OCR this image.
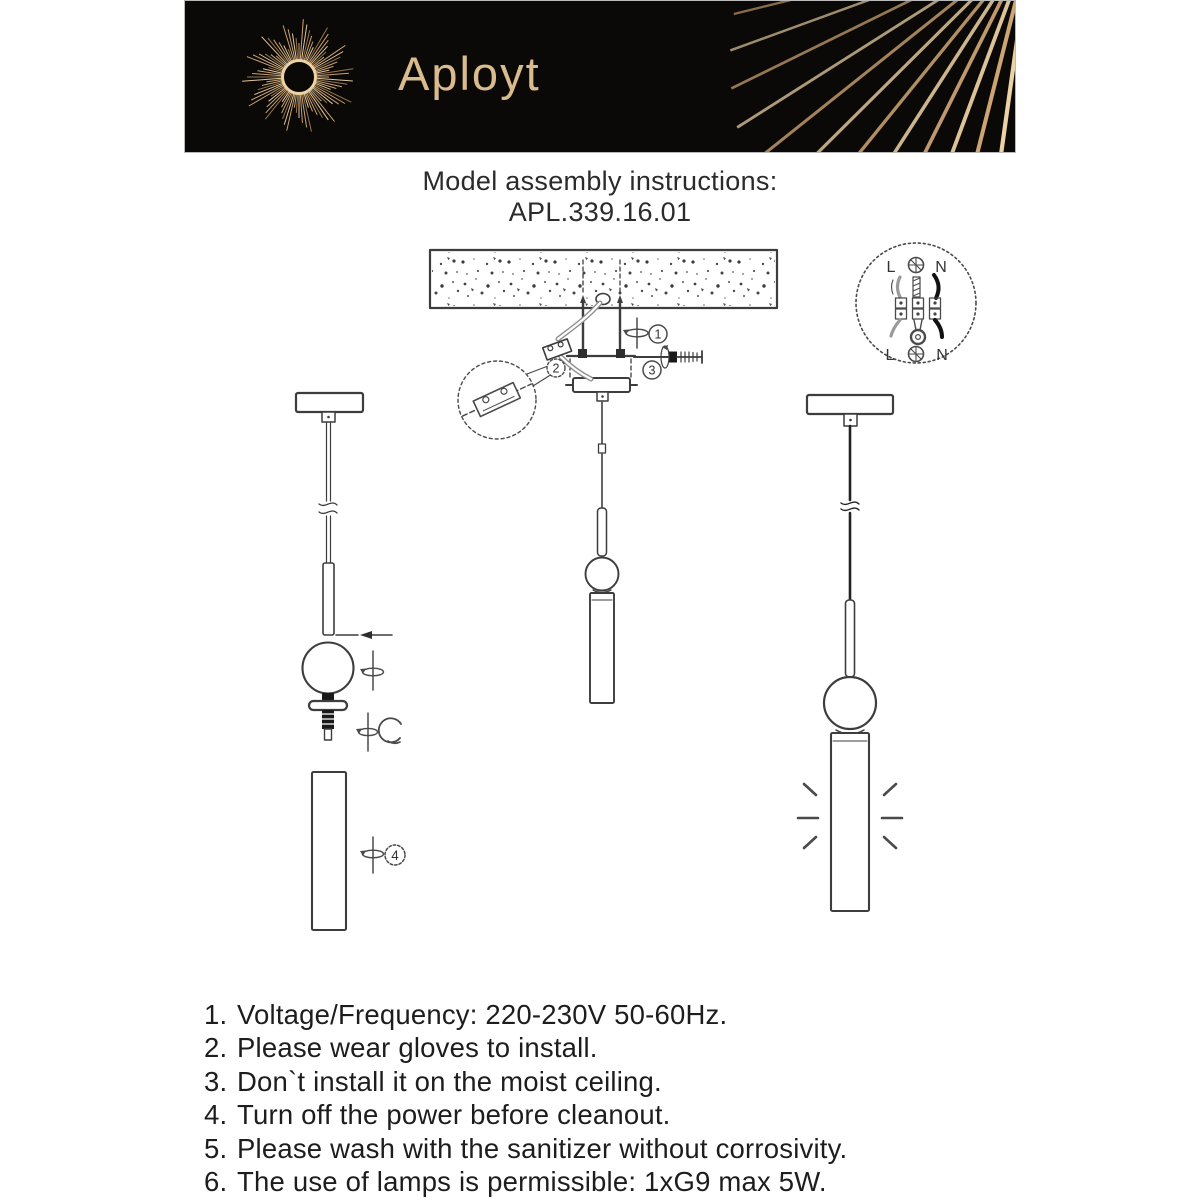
Aployt
Model assembly instructions:
APL.339.16.01
2
1
3
4
L N
L	N
1. Voltage/Frequency: 220-230V 50-60Hz.
2. Please wear gloves to install.
3. Don`t install it on the moist ceiling.
4. Turn off the power before cleanout.
5. Please wash with the sanitizer without corrosivity.
6. The use of lamps is permissible: 1xG9 max 5W.
